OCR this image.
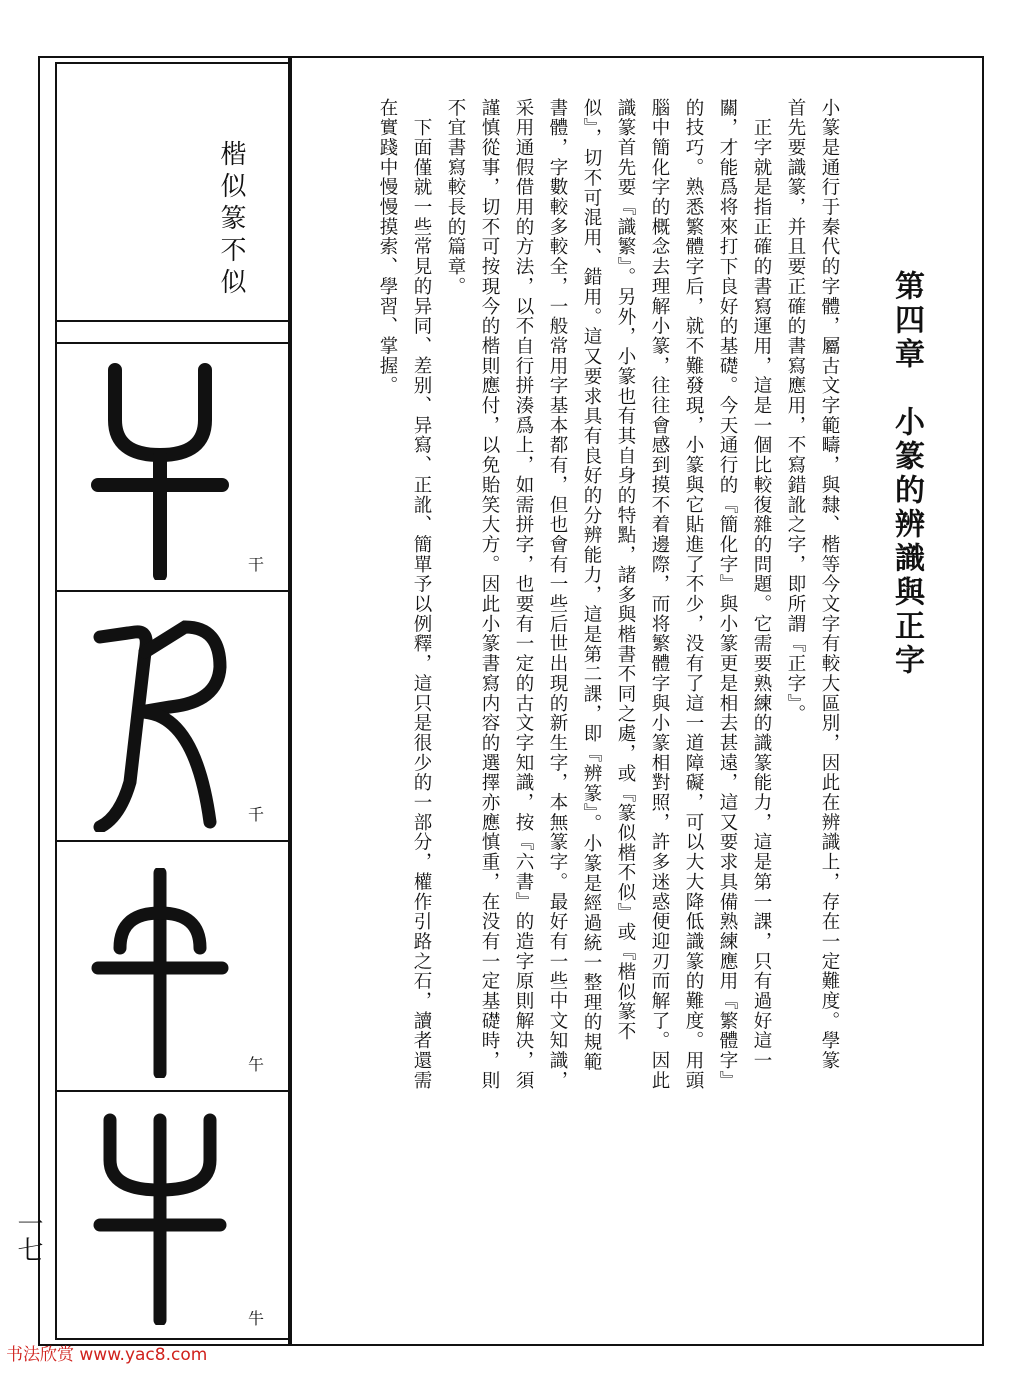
楷似篆不似
干
千
午
牛
一七
第四章　小篆的辨識與正字
小篆是通行于秦代的字體，屬古文字範疇，與隸、楷等今文字有較大區別，因此在辨識上，存在一定難度。學篆
首先要識篆，并且要正確的書寫應用，不寫錯訛之字，即所謂『正字』。
　正字就是指正確的書寫運用，這是一個比較復雜的問題。它需要熟練的識篆能力，這是第一課，只有過好這一
關，才能爲将來打下良好的基礎。今天通行的『簡化字』與小篆更是相去甚遠，這又要求具備熟練應用『繁體字』
的技巧。熟悉繁體字后，就不難發現，小篆與它貼進了不少，没有了這一道障礙，可以大大降低識篆的難度。用頭
腦中簡化字的概念去理解小篆，往往會感到摸不着邊際，而将繁體字與小篆相對照，許多迷惑便迎刃而解了。因此
識篆首先要『識繁』。另外，小篆也有其自身的特點，諸多與楷書不同之處，或『篆似楷不似』或『楷似篆不
似』，切不可混用、錯用。這又要求具有良好的分辨能力，這是第二課，即『辨篆』。小篆是經過統一整理的規範
書體，字數較多較全，一般常用字基本都有，但也會有一些后世出現的新生字，本無篆字。最好有一些中文知識，
采用通假借用的方法，以不自行拼湊爲上，如需拼字，也要有一定的古文字知識，按『六書』的造字原則解决，須
謹慎從事，切不可按現今的楷則應付，以免貽笑大方。因此小篆書寫内容的選擇亦應慎重，在没有一定基礎時，則
不宜書寫較長的篇章。
　下面僅就一些常見的异同、差别、异寫、正訛、簡單予以例釋，這只是很少的一部分，權作引路之石，讀者還需
在實踐中慢慢摸索、學習、掌握。
书法欣赏 www.yac8.com
